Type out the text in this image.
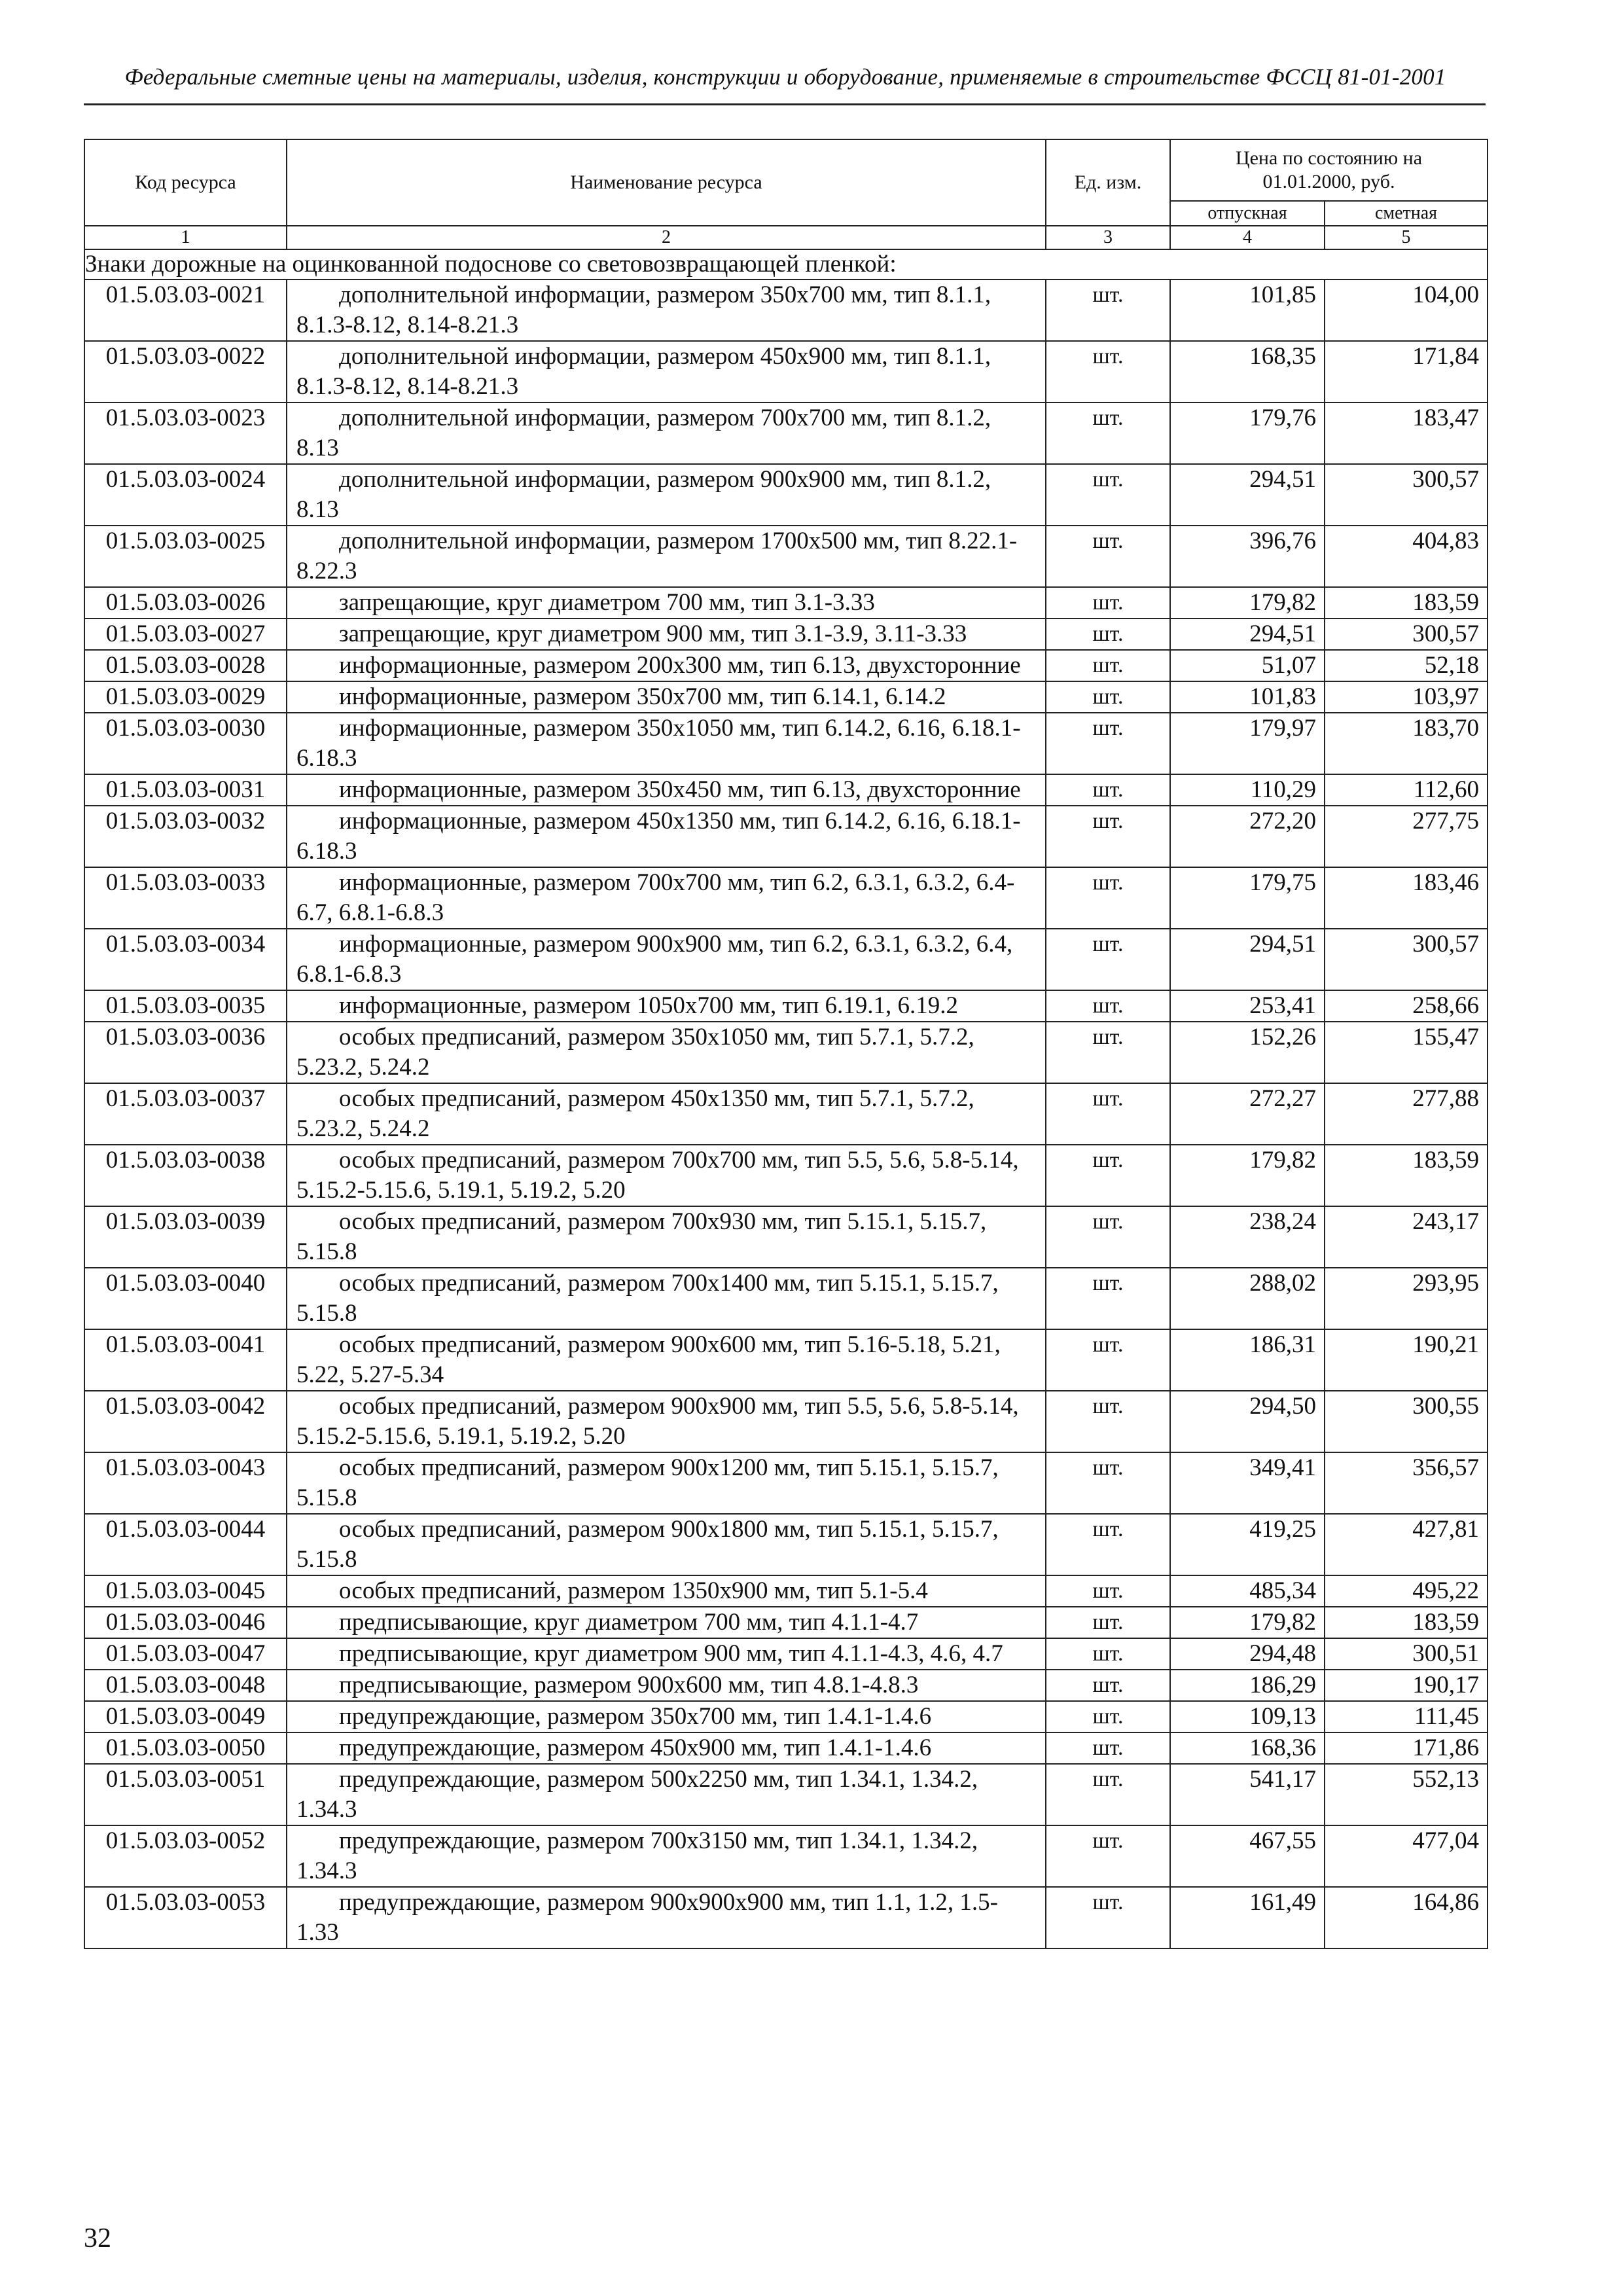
Федеральные сметные цены на материалы, изделия, конструкции и оборудование, применяемые в строительстве ФССЦ 81-01-2001
Код ресурса	Наименование ресурса	Ед. изм.	Цена по состоянию на
01.01.2000, руб.	

			отпускная	сметная
1	2	3	4	5
Знаки дорожные на оцинкованной подоснове со световозвращающей пленкой:				
01.5.03.03-0021	дополнительной информации, размером 350x700 мм, тип 8.1.1, 8.1.3-8.12, 8.14-8.21.3	шт.	101,85	104,00
01.5.03.03-0022	дополнительной информации, размером 450x900 мм, тип 8.1.1, 8.1.3-8.12, 8.14-8.21.3	шт.	168,35	171,84
01.5.03.03-0023	дополнительной информации, размером 700x700 мм, тип 8.1.2, 8.13	шт.	179,76	183,47
01.5.03.03-0024	дополнительной информации, размером 900x900 мм, тип 8.1.2, 8.13	шт.	294,51	300,57
01.5.03.03-0025	дополнительной информации, размером 1700x500 мм, тип 8.22.1-8.22.3	шт.	396,76	404,83
01.5.03.03-0026	запрещающие, круг диаметром 700 мм, тип 3.1-3.33	шт.	179,82	183,59
01.5.03.03-0027	запрещающие, круг диаметром 900 мм, тип 3.1-3.9, 3.11-3.33	шт.	294,51	300,57
01.5.03.03-0028	информационные, размером 200x300 мм, тип 6.13, двухсторонние	шт.	51,07	52,18
01.5.03.03-0029	информационные, размером 350x700 мм, тип 6.14.1, 6.14.2	шт.	101,83	103,97
01.5.03.03-0030	информационные, размером 350x1050 мм, тип 6.14.2, 6.16, 6.18.1-6.18.3	шт.	179,97	183,70
01.5.03.03-0031	информационные, размером 350x450 мм, тип 6.13, двухсторонние	шт.	110,29	112,60
01.5.03.03-0032	информационные, размером 450x1350 мм, тип 6.14.2, 6.16, 6.18.1-6.18.3	шт.	272,20	277,75
01.5.03.03-0033	информационные, размером 700x700 мм, тип 6.2, 6.3.1, 6.3.2, 6.4-6.7, 6.8.1-6.8.3	шт.	179,75	183,46
01.5.03.03-0034	информационные, размером 900x900 мм, тип 6.2, 6.3.1, 6.3.2, 6.4, 6.8.1-6.8.3	шт.	294,51	300,57
01.5.03.03-0035	информационные, размером 1050x700 мм, тип 6.19.1, 6.19.2	шт.	253,41	258,66
01.5.03.03-0036	особых предписаний, размером 350x1050 мм, тип 5.7.1, 5.7.2, 5.23.2, 5.24.2	шт.	152,26	155,47
01.5.03.03-0037	особых предписаний, размером 450x1350 мм, тип 5.7.1, 5.7.2, 5.23.2, 5.24.2	шт.	272,27	277,88
01.5.03.03-0038	особых предписаний, размером 700x700 мм, тип 5.5, 5.6, 5.8-5.14, 5.15.2-5.15.6, 5.19.1, 5.19.2, 5.20	шт.	179,82	183,59
01.5.03.03-0039	особых предписаний, размером 700x930 мм, тип 5.15.1, 5.15.7, 5.15.8	шт.	238,24	243,17
01.5.03.03-0040	особых предписаний, размером 700x1400 мм, тип 5.15.1, 5.15.7, 5.15.8	шт.	288,02	293,95
01.5.03.03-0041	особых предписаний, размером 900x600 мм, тип 5.16-5.18, 5.21, 5.22, 5.27-5.34	шт.	186,31	190,21
01.5.03.03-0042	особых предписаний, размером 900x900 мм, тип 5.5, 5.6, 5.8-5.14, 5.15.2-5.15.6, 5.19.1, 5.19.2, 5.20	шт.	294,50	300,55
01.5.03.03-0043	особых предписаний, размером 900x1200 мм, тип 5.15.1, 5.15.7, 5.15.8	шт.	349,41	356,57
01.5.03.03-0044	особых предписаний, размером 900x1800 мм, тип 5.15.1, 5.15.7, 5.15.8	шт.	419,25	427,81
01.5.03.03-0045	особых предписаний, размером 1350x900 мм, тип 5.1-5.4	шт.	485,34	495,22
01.5.03.03-0046	предписывающие, круг диаметром 700 мм, тип 4.1.1-4.7	шт.	179,82	183,59
01.5.03.03-0047	предписывающие, круг диаметром 900 мм, тип 4.1.1-4.3, 4.6, 4.7	шт.	294,48	300,51
01.5.03.03-0048	предписывающие, размером 900x600 мм, тип 4.8.1-4.8.3	шт.	186,29	190,17
01.5.03.03-0049	предупреждающие, размером 350x700 мм, тип 1.4.1-1.4.6	шт.	109,13	111,45
01.5.03.03-0050	предупреждающие, размером 450x900 мм, тип 1.4.1-1.4.6	шт.	168,36	171,86
01.5.03.03-0051	предупреждающие, размером 500x2250 мм, тип 1.34.1, 1.34.2, 1.34.3	шт.	541,17	552,13
01.5.03.03-0052	предупреждающие, размером 700x3150 мм, тип 1.34.1, 1.34.2, 1.34.3	шт.	467,55	477,04
01.5.03.03-0053	предупреждающие, размером 900x900x900 мм, тип 1.1, 1.2, 1.5-1.33	шт.	161,49	164,86
32
